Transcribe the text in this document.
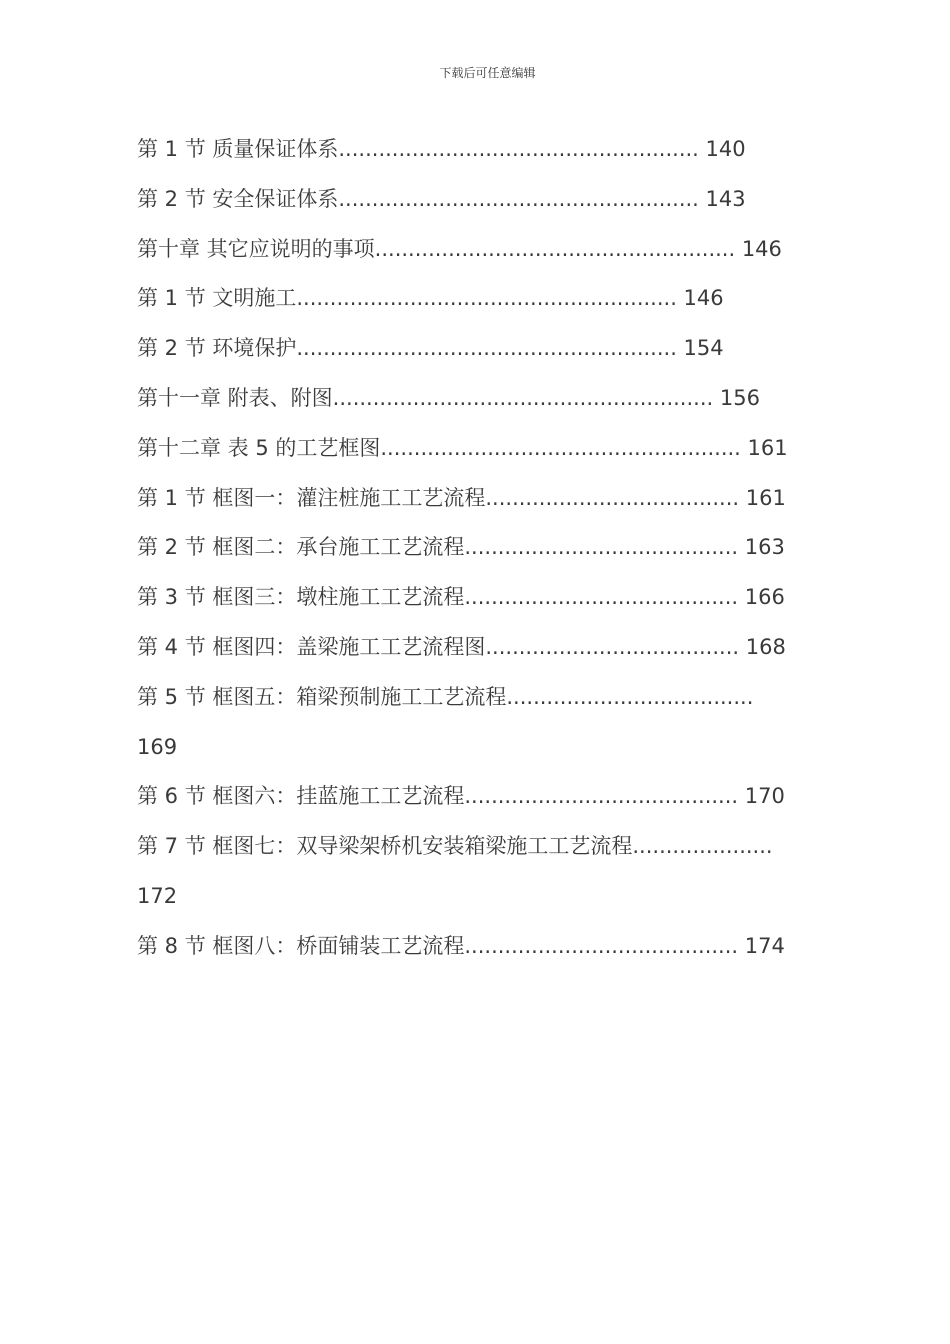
下载后可任意编辑
第 1 节 质量保证体系...................................................... 140
第 2 节 安全保证体系...................................................... 143
第十章 其它应说明的事项...................................................... 146
第 1 节 文明施工......................................................... 146
第 2 节 环境保护......................................................... 154
第十一章 附表、附图......................................................... 156
第十二章 表 5 的工艺框图...................................................... 161
第 1 节 框图一：灌注桩施工工艺流程...................................... 161
第 2 节 框图二：承台施工工艺流程......................................... 163
第 3 节 框图三：墩柱施工工艺流程......................................... 166
第 4 节 框图四：盖梁施工工艺流程图...................................... 168
第 5 节 框图五：箱梁预制施工工艺流程.....................................
169
第 6 节 框图六：挂蓝施工工艺流程......................................... 170
第 7 节 框图七：双导梁架桥机安装箱梁施工工艺流程.....................
172
第 8 节 框图八：桥面铺装工艺流程......................................... 174
